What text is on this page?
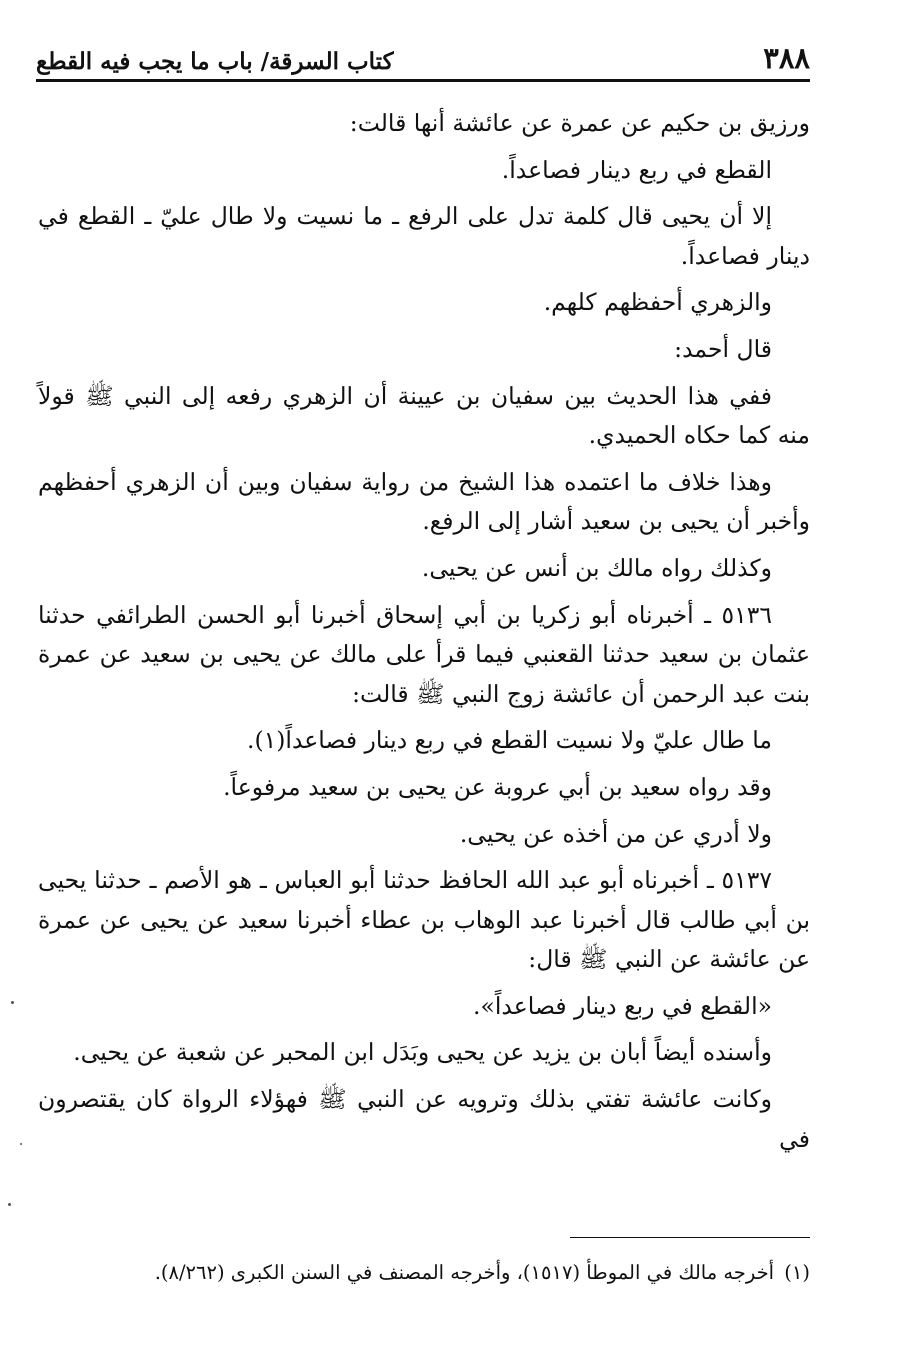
٣٨٨
كتاب السرقة/ باب ما يجب فيه القطع

ورزيق بن حكيم عن عمرة عن عائشة أنها قالت:

القطع في ربع دينار فصاعداً.

إلا أن يحيى قال كلمة تدل على الرفع ـ ما نسيت ولا طال عليّ ـ القطع في دينار فصاعداً.

والزهري أحفظهم كلهم.

قال أحمد:

ففي هذا الحديث بين سفيان بن عيينة أن الزهري رفعه إلى النبي ﷺ قولاً منه كما حكاه الحميدي.

وهذا خلاف ما اعتمده هذا الشيخ من رواية سفيان وبين أن الزهري أحفظهم وأخبر أن يحيى بن سعيد أشار إلى الرفع.

وكذلك رواه مالك بن أنس عن يحيى.

٥١٣٦ ـ أخبرناه أبو زكريا بن أبي إسحاق أخبرنا أبو الحسن الطرائفي حدثنا عثمان بن سعيد حدثنا القعنبي فيما قرأ على مالك عن يحيى بن سعيد عن عمرة بنت عبد الرحمن أن عائشة زوج النبي ﷺ قالت:

ما طال عليّ ولا نسيت القطع في ربع دينار فصاعداً(١).

وقد رواه سعيد بن أبي عروبة عن يحيى بن سعيد مرفوعاً.

ولا أدري عن من أخذه عن يحيى.

٥١٣٧ ـ أخبرناه أبو عبد الله الحافظ حدثنا أبو العباس ـ هو الأصم ـ حدثنا يحيى بن أبي طالب قال أخبرنا عبد الوهاب بن عطاء أخبرنا سعيد عن يحيى عن عمرة عن عائشة عن النبي ﷺ قال:

«القطع في ربع دينار فصاعداً».

وأسنده أيضاً أبان بن يزيد عن يحيى وبَدَل ابن المحبر عن شعبة عن يحيى.

وكانت عائشة تفتي بذلك وترويه عن النبي ﷺ فهؤلاء الرواة كان يقتصرون في

(١) أخرجه مالك في الموطأ (١٥١٧)، وأخرجه المصنف في السنن الكبرى (٨/٢٦٢).
